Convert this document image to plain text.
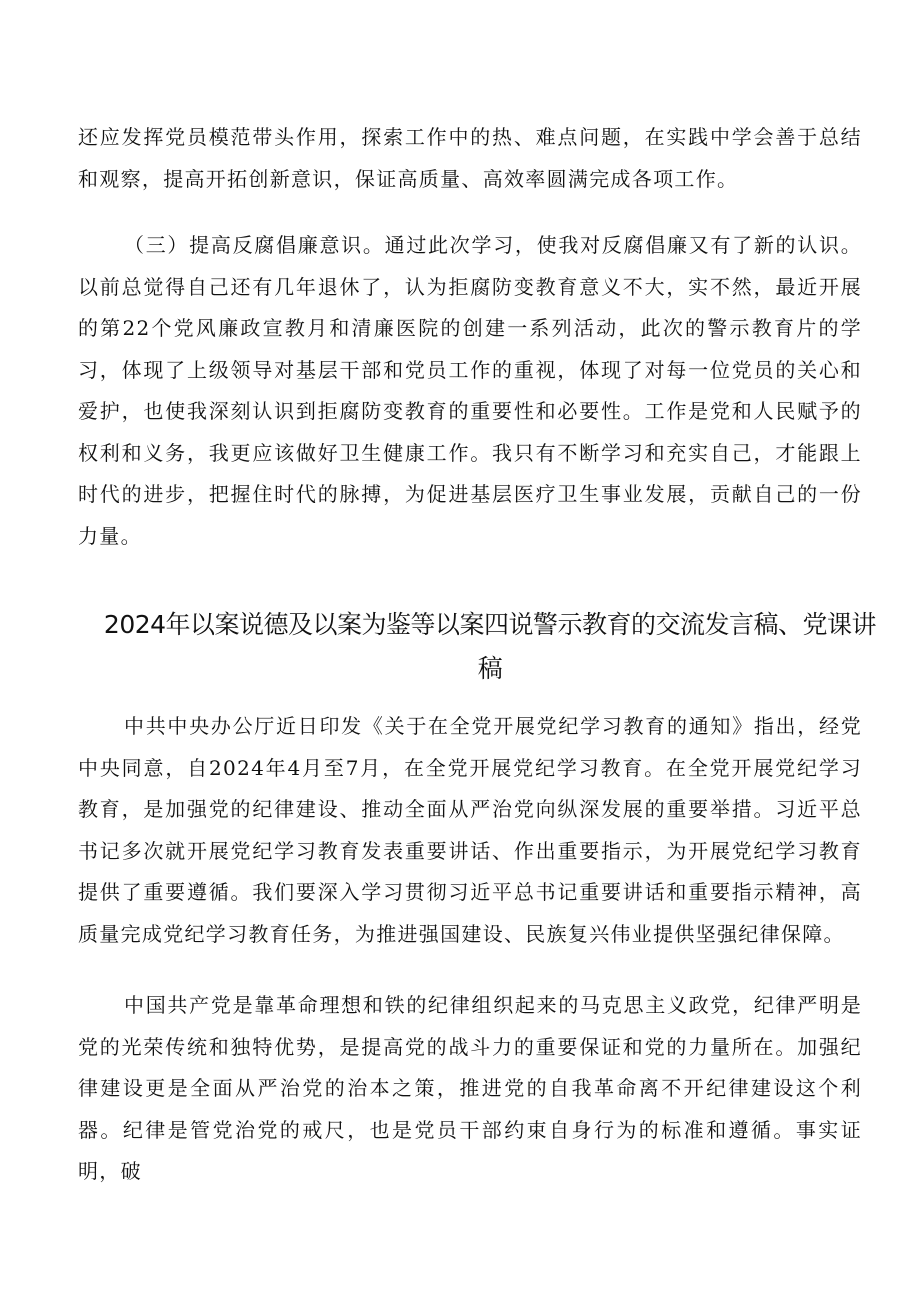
还应发挥党员模范带头作用，探索工作中的热、难点问题，在实践中学会善于总结和观察，提高开拓创新意识，保证高质量、高效率圆满完成各项工作。

（三）提高反腐倡廉意识。通过此次学习，使我对反腐倡廉又有了新的认识。以前总觉得自己还有几年退休了，认为拒腐防变教育意义不大，实不然，最近开展的第22个党风廉政宣教月和清廉医院的创建一系列活动，此次的警示教育片的学习，体现了上级领导对基层干部和党员工作的重视，体现了对每一位党员的关心和爱护，也使我深刻认识到拒腐防变教育的重要性和必要性。工作是党和人民赋予的权利和义务，我更应该做好卫生健康工作。我只有不断学习和充实自己，才能跟上时代的进步，把握住时代的脉搏，为促进基层医疗卫生事业发展，贡献自己的一份力量。

2024年以案说德及以案为鉴等以案四说警示教育的交流发言稿、党课讲稿

中共中央办公厅近日印发《关于在全党开展党纪学习教育的通知》指出，经党中央同意，自2024年4月至7月，在全党开展党纪学习教育。在全党开展党纪学习教育，是加强党的纪律建设、推动全面从严治党向纵深发展的重要举措。习近平总书记多次就开展党纪学习教育发表重要讲话、作出重要指示，为开展党纪学习教育提供了重要遵循。我们要深入学习贯彻习近平总书记重要讲话和重要指示精神，高质量完成党纪学习教育任务，为推进强国建设、民族复兴伟业提供坚强纪律保障。

中国共产党是靠革命理想和铁的纪律组织起来的马克思主义政党，纪律严明是党的光荣传统和独特优势，是提高党的战斗力的重要保证和党的力量所在。加强纪律建设更是全面从严治党的治本之策，推进党的自我革命离不开纪律建设这个利器。纪律是管党治党的戒尺，也是党员干部约束自身行为的标准和遵循。事实证明，破
